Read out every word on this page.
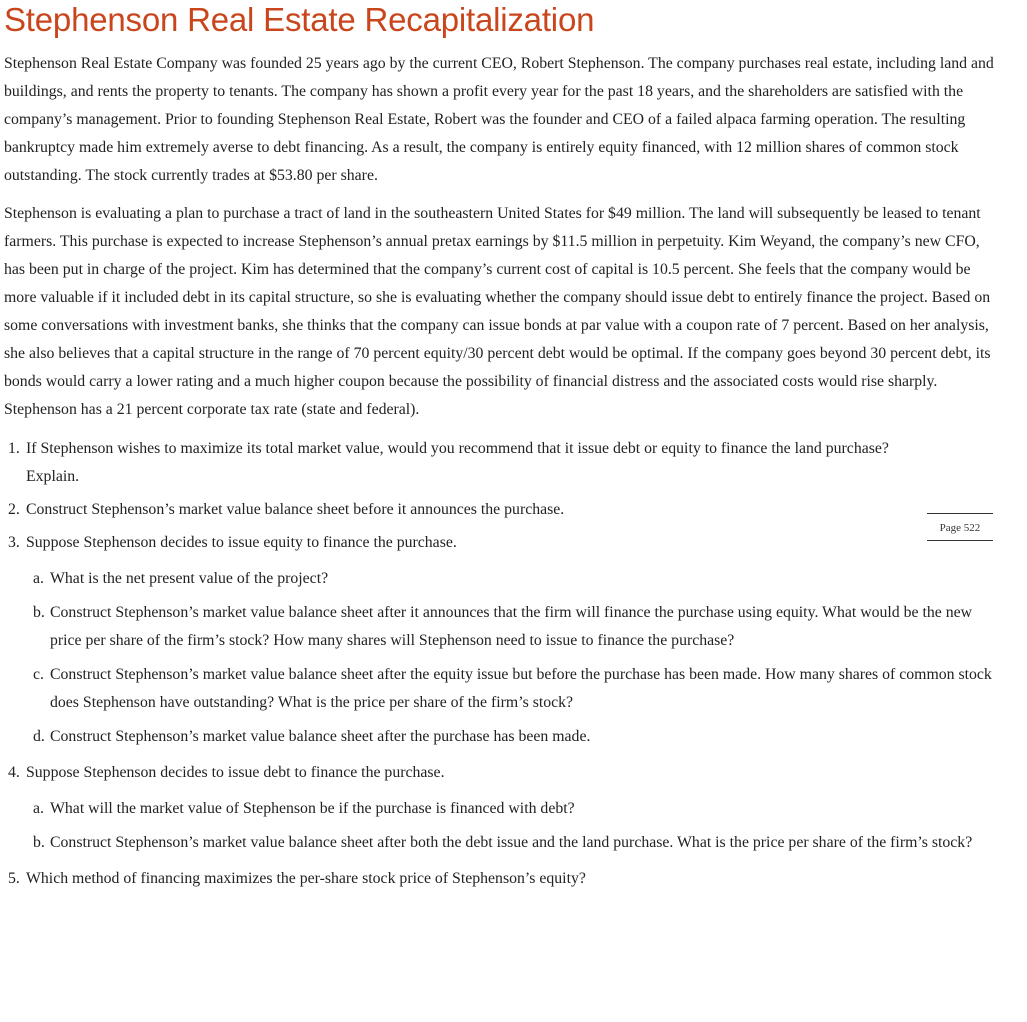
Stephenson Real Estate Recapitalization

Stephenson Real Estate Company was founded 25 years ago by the current CEO, Robert Stephenson. The company purchases real estate, including land and buildings, and rents the property to tenants. The company has shown a profit every year for the past 18 years, and the shareholders are satisfied with the company’s management. Prior to founding Stephenson Real Estate, Robert was the founder and CEO of a failed alpaca farming operation. The resulting bankruptcy made him extremely averse to debt financing. As a result, the company is entirely equity financed, with 12 million shares of common stock outstanding. The stock currently trades at $53.80 per share.

Stephenson is evaluating a plan to purchase a tract of land in the southeastern United States for $49 million. The land will subsequently be leased to tenant farmers. This purchase is expected to increase Stephenson’s annual pretax earnings by $11.5 million in perpetuity. Kim Weyand, the company’s new CFO, has been put in charge of the project. Kim has determined that the company’s current cost of capital is 10.5 percent. She feels that the company would be more valuable if it included debt in its capital structure, so she is evaluating whether the company should issue debt to entirely finance the project. Based on some conversations with investment banks, she thinks that the company can issue bonds at par value with a coupon rate of 7 percent. Based on her analysis, she also believes that a capital structure in the range of 70 percent equity/30 percent debt would be optimal. If the company goes beyond 30 percent debt, its bonds would carry a lower rating and a much higher coupon because the possibility of financial distress and the associated costs would rise sharply. Stephenson has a 21 percent corporate tax rate (state and federal).

1. If Stephenson wishes to maximize its total market value, would you recommend that it issue debt or equity to finance the land purchase? Explain.
2. Construct Stephenson’s market value balance sheet before it announces the purchase.
3. Suppose Stephenson decides to issue equity to finance the purchase.
a. What is the net present value of the project?
b. Construct Stephenson’s market value balance sheet after it announces that the firm will finance the purchase using equity. What would be the new price per share of the firm’s stock? How many shares will Stephenson need to issue to finance the purchase?
c. Construct Stephenson’s market value balance sheet after the equity issue but before the purchase has been made. How many shares of common stock does Stephenson have outstanding? What is the price per share of the firm’s stock?
d. Construct Stephenson’s market value balance sheet after the purchase has been made.
4. Suppose Stephenson decides to issue debt to finance the purchase.
a. What will the market value of Stephenson be if the purchase is financed with debt?
b. Construct Stephenson’s market value balance sheet after both the debt issue and the land purchase. What is the price per share of the firm’s stock?
5. Which method of financing maximizes the per-share stock price of Stephenson’s equity?
Page 522
